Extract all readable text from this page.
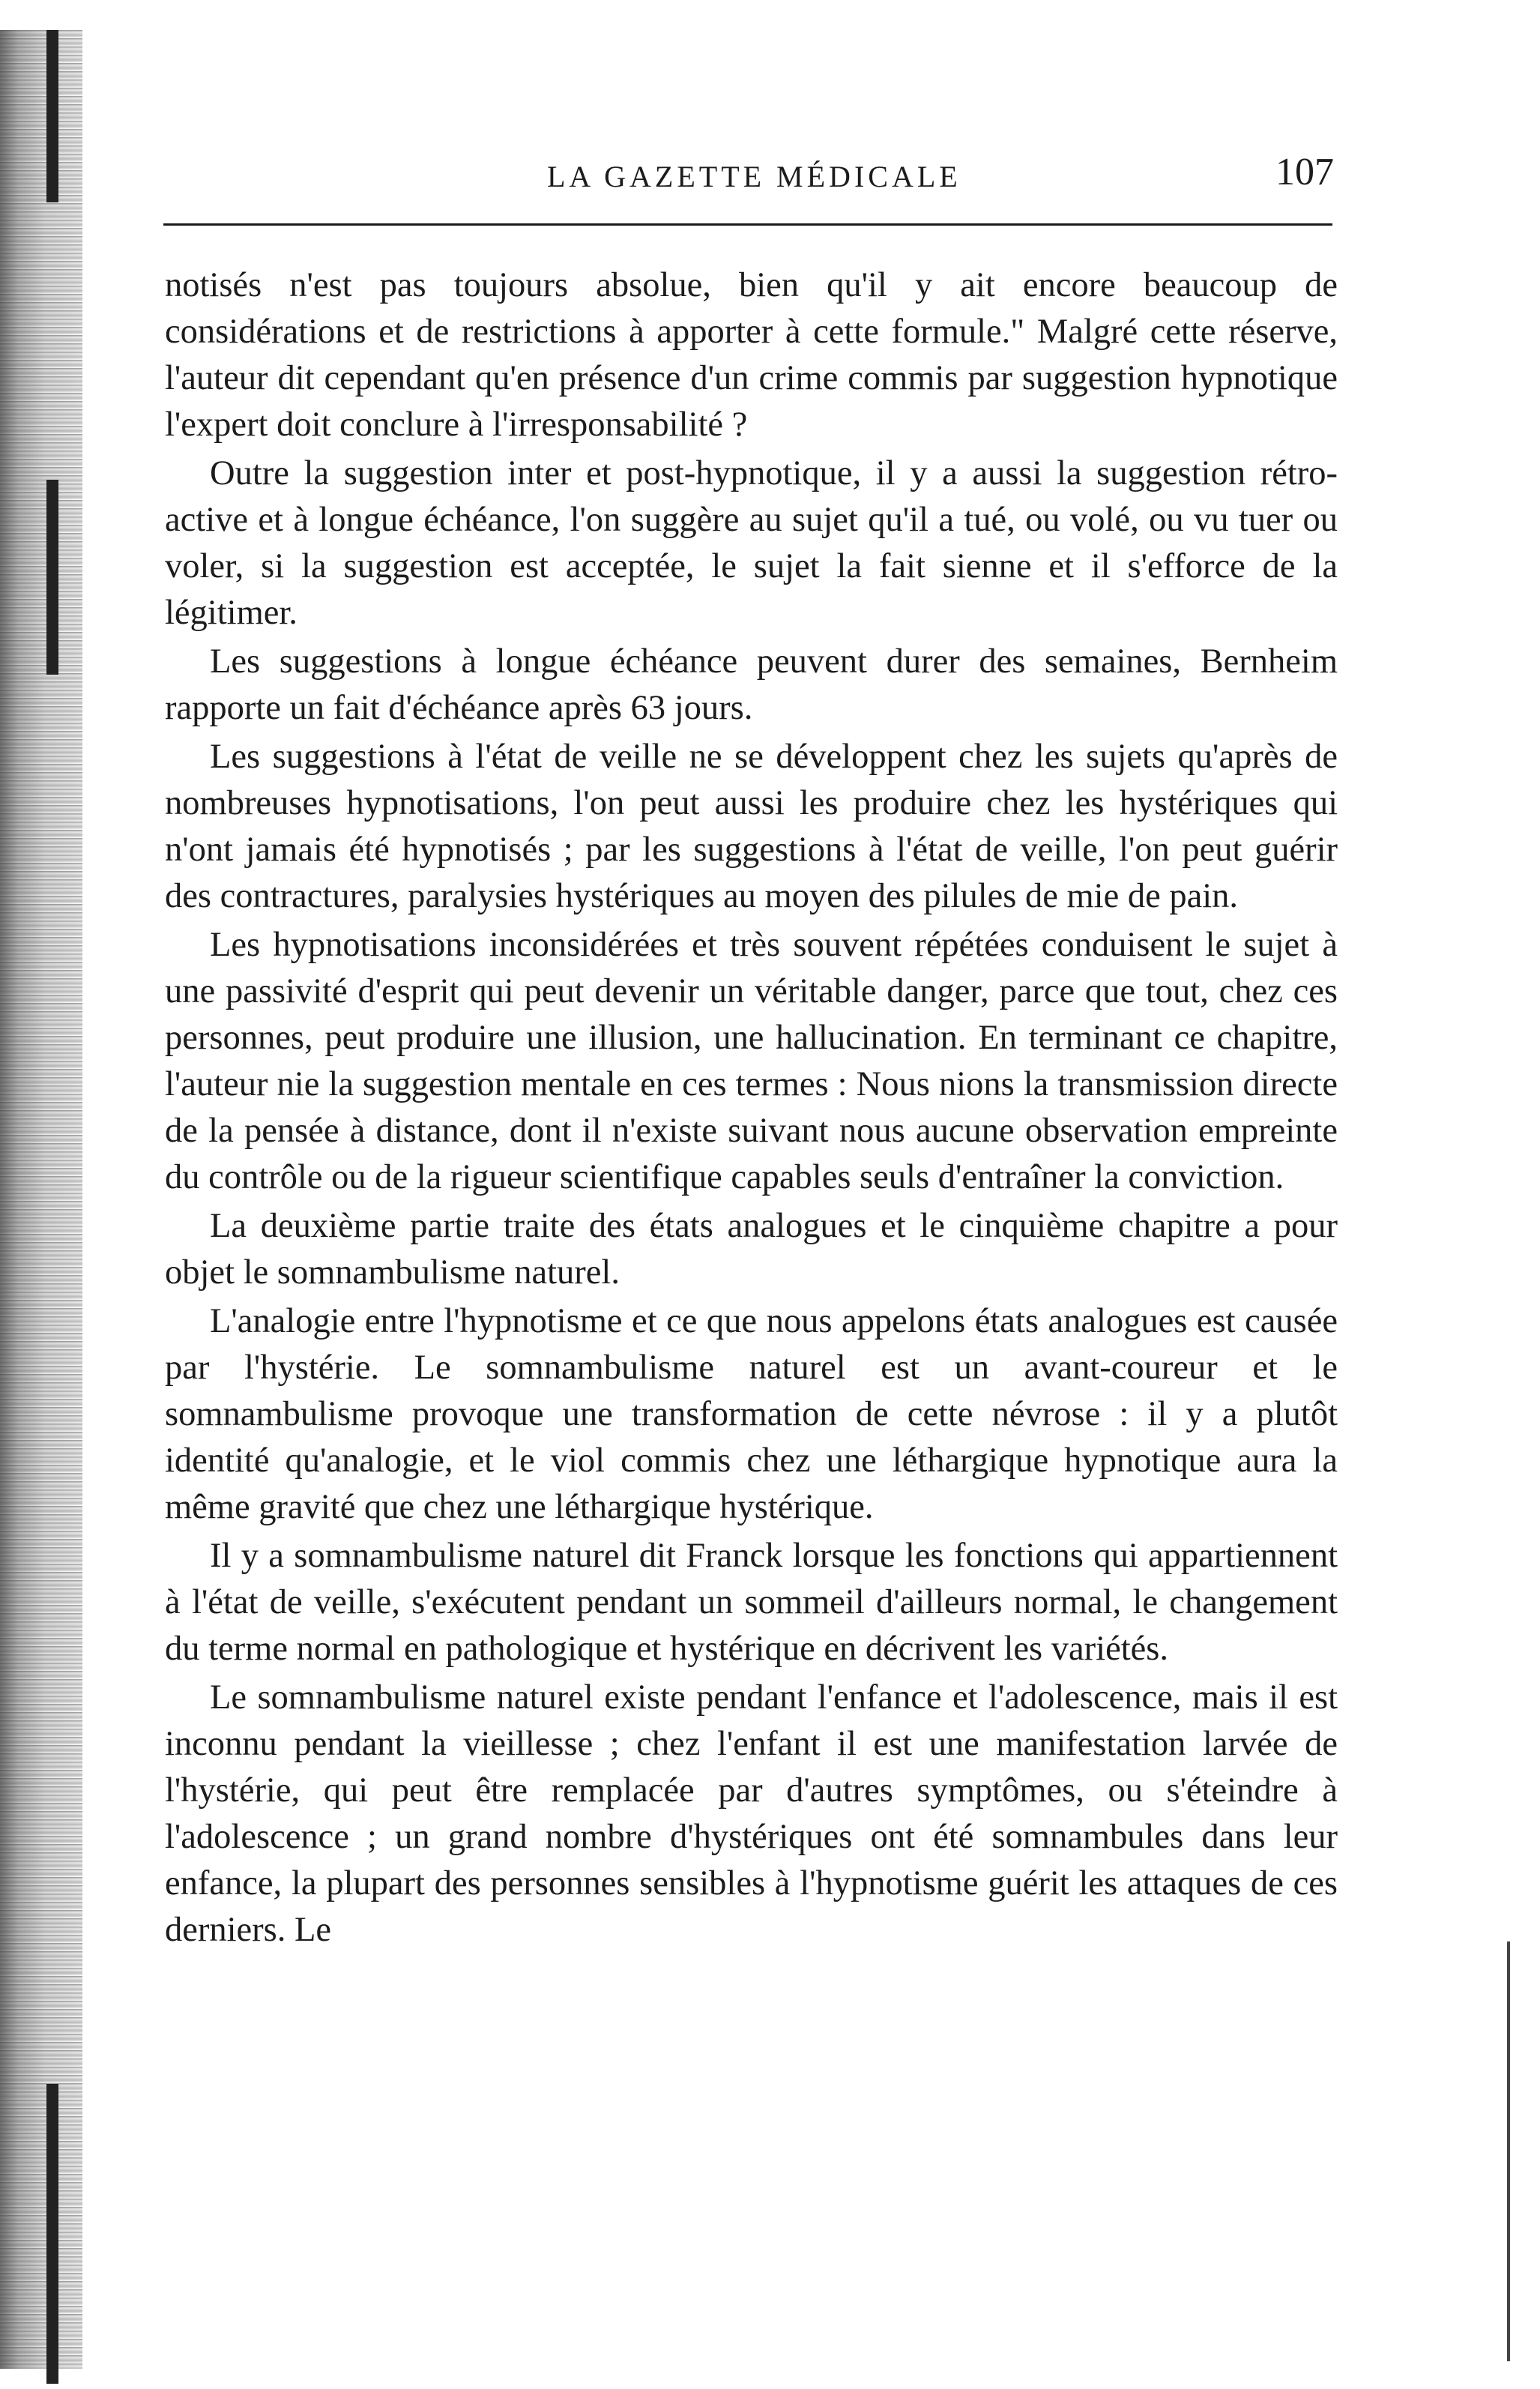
LA GAZETTE MÉDICALE	107

notisés n'est pas toujours absolue, bien qu'il y ait encore beaucoup de considérations et de restrictions à apporter à cette formule." Malgré cette réserve, l'auteur dit cependant qu'en présence d'un crime commis par suggestion hypnotique l'expert doit conclure à l'irresponsabilité ?

Outre la suggestion inter et post-hypnotique, il y a aussi la suggestion rétro-active et à longue échéance, l'on suggère au sujet qu'il a tué, ou volé, ou vu tuer ou voler, si la suggestion est acceptée, le sujet la fait sienne et il s'efforce de la légitimer.

Les suggestions à longue échéance peuvent durer des semaines, Bernheim rapporte un fait d'échéance après 63 jours.

Les suggestions à l'état de veille ne se développent chez les sujets qu'après de nombreuses hypnotisations, l'on peut aussi les produire chez les hystériques qui n'ont jamais été hypnotisés ; par les suggestions à l'état de veille, l'on peut guérir des contractures, paralysies hystériques au moyen des pilules de mie de pain.

Les hypnotisations inconsidérées et très souvent répétées conduisent le sujet à une passivité d'esprit qui peut devenir un véritable danger, parce que tout, chez ces personnes, peut produire une illusion, une hallucination. En terminant ce chapitre, l'auteur nie la suggestion mentale en ces termes : Nous nions la transmission directe de la pensée à distance, dont il n'existe suivant nous aucune observation empreinte du contrôle ou de la rigueur scientifique capables seuls d'entraîner la conviction.

La deuxième partie traite des états analogues et le cinquième chapitre a pour objet le somnambulisme naturel.

L'analogie entre l'hypnotisme et ce que nous appelons états analogues est causée par l'hystérie. Le somnambulisme naturel est un avant-coureur et le somnambulisme provoque une transformation de cette névrose : il y a plutôt identité qu'analogie, et le viol commis chez une léthargique hypnotique aura la même gravité que chez une léthargique hystérique.

Il y a somnambulisme naturel dit Franck lorsque les fonctions qui appartiennent à l'état de veille, s'exécutent pendant un sommeil d'ailleurs normal, le changement du terme normal en pathologique et hystérique en décrivent les variétés.

Le somnambulisme naturel existe pendant l'enfance et l'adolescence, mais il est inconnu pendant la vieillesse ; chez l'enfant il est une manifestation larvée de l'hystérie, qui peut être remplacée par d'autres symptômes, ou s'éteindre à l'adolescence ; un grand nombre d'hystériques ont été somnambules dans leur enfance, la plupart des personnes sensibles à l'hypnotisme guérit les attaques de ces derniers. Le
